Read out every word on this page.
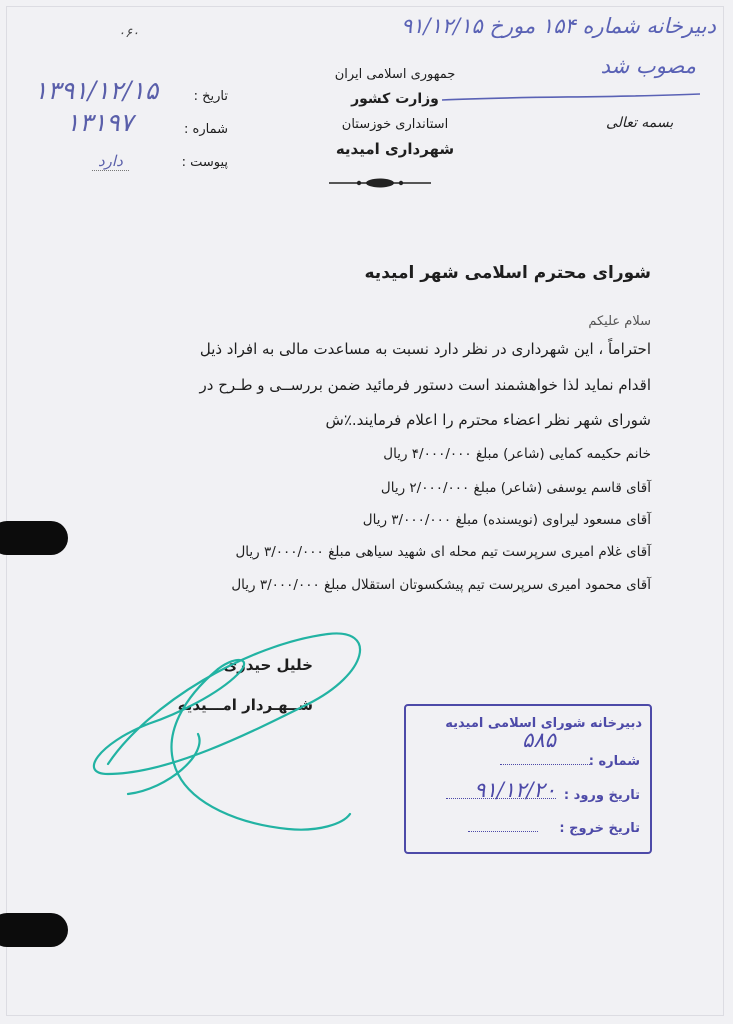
۰۶۰
جمهوری اسلامی ایران
وزارت کشور
استانداری خوزستان
شهرداری امیدیه
تاریخ :
۱۳۹۱/۱۲/۱۵
شماره :
۱۳۱۹۷
پیوست :
دارد
دبیرخانه شماره ۱۵۴ مورخ ۹۱/۱۲/۱۵
مصوب شد
بسمه تعالی
شورای محترم اسلامی شهر امیدیه
سلام علیکم
احتراماً ، این شهرداری در نظر دارد نسبت به مساعدت مالی به افراد ذیل
اقدام نماید لذا خواهشمند است دستور فرمائید ضمن بررســی و طـرح در
شورای شهر نظر اعضاء محترم را اعلام فرمایند.٪ش
خانم حکیمه کمایی (شاعر) مبلغ ۴/۰۰۰/۰۰۰ ریال
آقای قاسم یوسفی (شاعر) مبلغ ۲/۰۰۰/۰۰۰ ریال
آقای مسعود لیراوی (نویسنده) مبلغ ۳/۰۰۰/۰۰۰ ریال
آقای غلام امیری سرپرست تیم محله ای شهید سیاهی مبلغ ۳/۰۰۰/۰۰۰ ریال
آقای محمود امیری سرپرست تیم پیشکسوتان استقلال مبلغ ۳/۰۰۰/۰۰۰ ریال
خلیل حیدری
شــهـردار امـــیدیه
دبیرخانه شورای اسلامی امیدیه
شماره :
۵۸۵
تاریخ ورود :
۹۱/۱۲/۲۰
تاریخ خروج :
